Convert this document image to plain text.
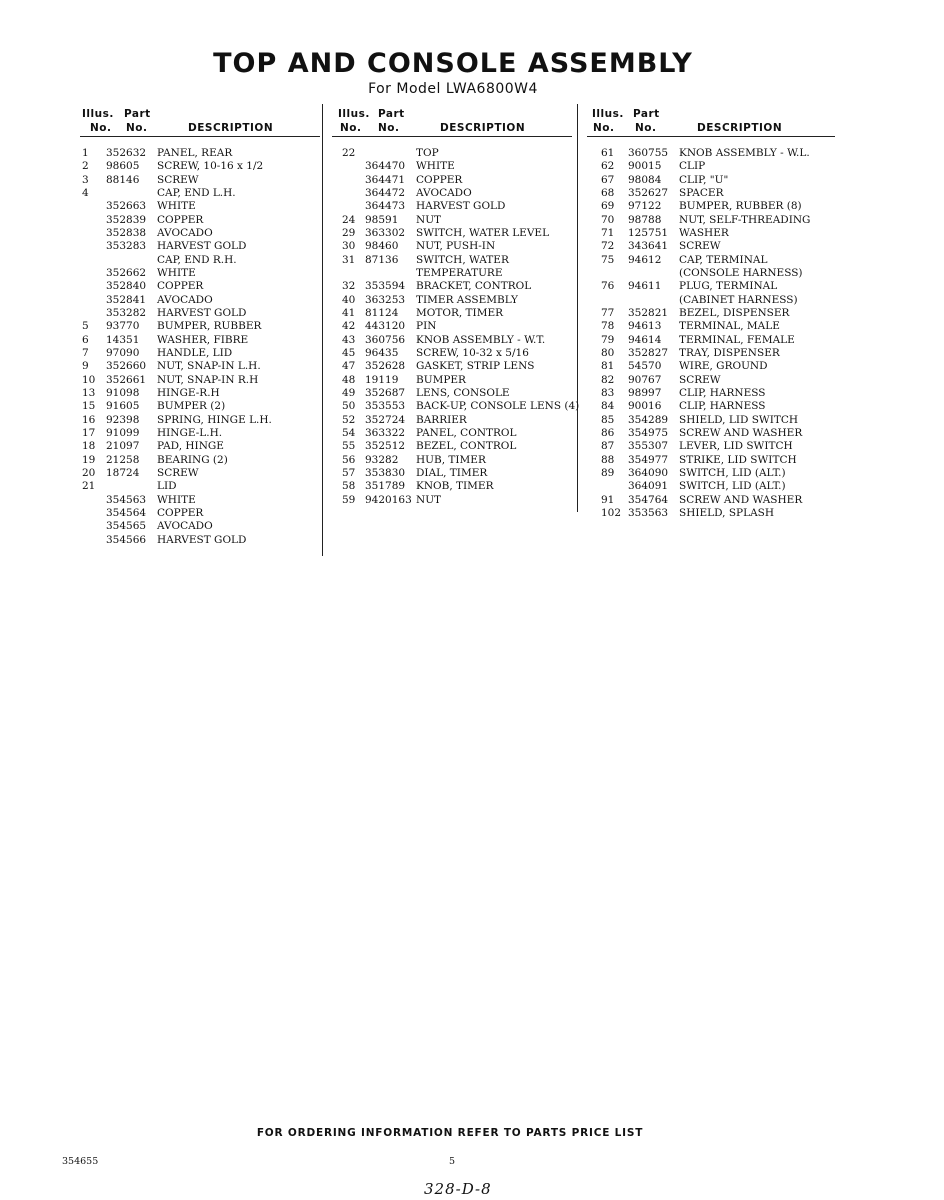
TOP AND CONSOLE ASSEMBLY
For Model LWA6800W4
Illus. Part
No. No.	DESCRIPTION
1	352632 PANEL, REAR
2	98605 SCREW, 10-16 x 1/2
3	88146 SCREW
4	CAP, END L.H.
352663 WHITE
352839 COPPER
352838 AVOCADO
353283 HARVEST GOLD
CAP, END R.H.
352662 WHITE
352840 COPPER
352841 AVOCADO
353282 HARVEST GOLD
5	93770 BUMPER, RUBBER
6	14351 WASHER, FIBRE
7	97090 HANDLE, LID
9	352660 NUT, SNAP-IN L.H.
10	352661 NUT, SNAP-IN R.H
13	91098 HINGE-R.H
15	91605 BUMPER (2)
16	92398 SPRING, HINGE L.H.
17	91099 HINGE-L.H.
18	21097 PAD, HINGE
19	21258 BEARING (2)
20	18724 SCREW
21	LID
354563 WHITE
354564 COPPER
354565 AVOCADO
354566 HARVEST GOLD
Illus. Part
No. No.	DESCRIPTION
22	TOP
364470 WHITE
364471 COPPER
364472 AVOCADO
364473 HARVEST GOLD
24 98591 NUT
29 363302 SWITCH, WATER LEVEL
30 98460 NUT, PUSH-IN
31 87136 SWITCH, WATER
TEMPERATURE
32 353594 BRACKET, CONTROL
40 363253 TIMER ASSEMBLY
41 81124 MOTOR, TIMER
42 443120 PIN
43 360756 KNOB ASSEMBLY - W.T.
45 96435 SCREW, 10-32 x 5/16
47 352628 GASKET, STRIP LENS
48 19119 BUMPER
49 352687 LENS, CONSOLE
50 353553 BACK-UP, CONSOLE LENS (4)
52 352724 BARRIER
54 363322 PANEL, CONTROL
55 352512 BEZEL, CONTROL
56 93282 HUB, TIMER
57 353830 DIAL, TIMER
58 351789 KNOB, TIMER
59 9420163 NUT
Illus. Part
No. No.	DESCRIPTION
61	360755 KNOB ASSEMBLY - W.L.
62	90015 CLIP
67	98084 CLIP, "U"
68	352627 SPACER
69	97122 BUMPER, RUBBER (8)
70	98788 NUT, SELF-THREADING
71	125751 WASHER
72	343641 SCREW
75	94612 CAP, TERMINAL
(CONSOLE HARNESS)
76	94611 PLUG, TERMINAL
(CABINET HARNESS)
77	352821 BEZEL, DISPENSER
78	94613 TERMINAL, MALE
79	94614 TERMINAL, FEMALE
80	352827 TRAY, DISPENSER
81	54570 WIRE, GROUND
82	90767 SCREW
83	98997 CLIP, HARNESS
84	90016 CLIP, HARNESS
85	354289 SHIELD, LID SWITCH
86	354975 SCREW AND WASHER
87	355307 LEVER, LID SWITCH
88	354977 STRIKE, LID SWITCH
89	364090 SWITCH, LID (ALT.)
364091 SWITCH, LID (ALT.)
91	354764 SCREW AND WASHER
102 353563 SHIELD, SPLASH
FOR ORDERING INFORMATION REFER TO PARTS PRICE LIST
354655	5
328-D-8
